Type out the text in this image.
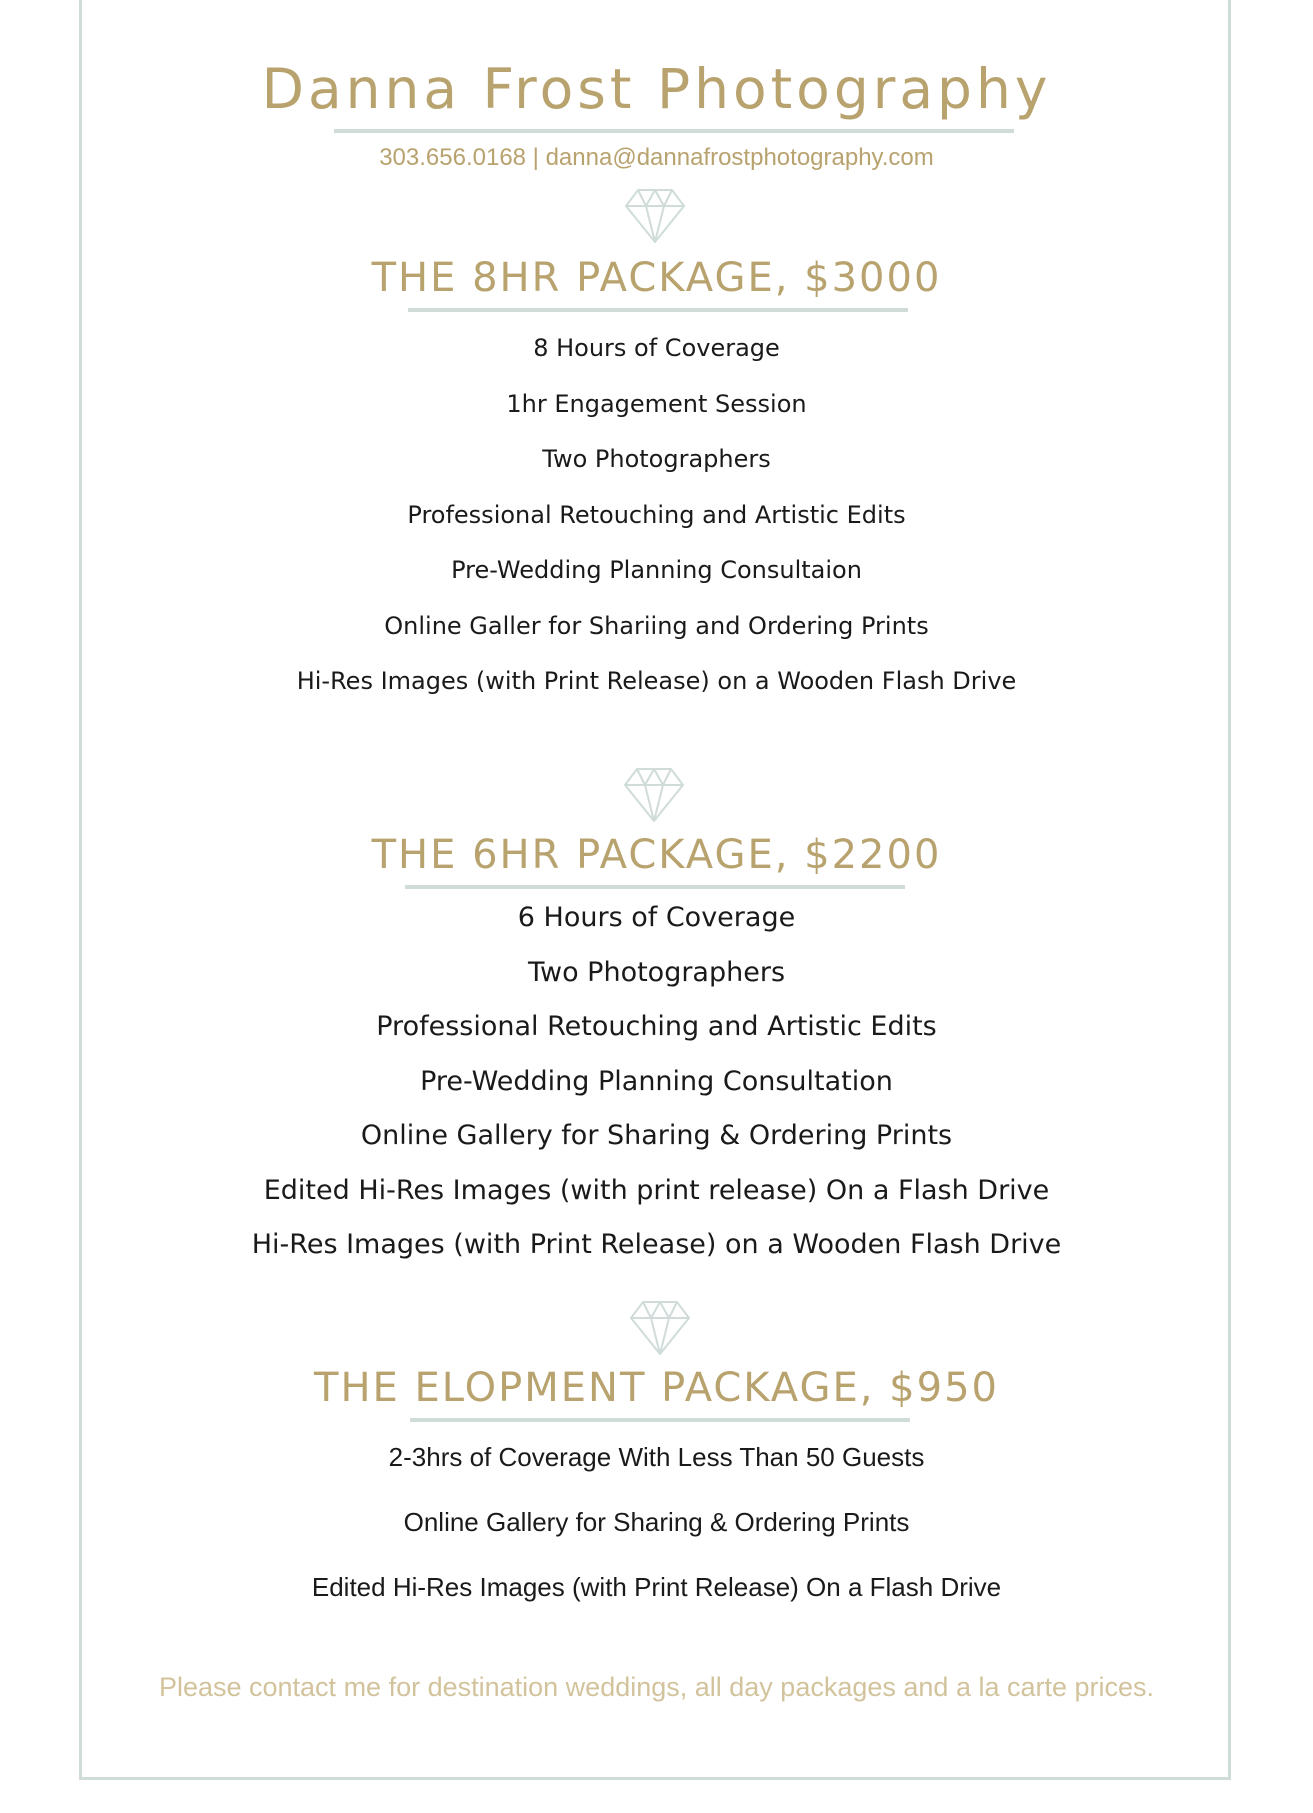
Danna Frost Photography
303.656.0168 | danna@dannafrostphotography.com
THE 8HR PACKAGE, $3000
8 Hours of Coverage
1hr Engagement Session
Two Photographers
Professional Retouching and Artistic Edits
Pre-Wedding Planning Consultaion
Online Galler for Shariing and Ordering Prints
Hi-Res Images (with Print Release) on a Wooden Flash Drive
THE 6HR PACKAGE, $2200
6 Hours of Coverage
Two Photographers
Professional Retouching and Artistic Edits
Pre-Wedding Planning Consultation
Online Gallery for Sharing & Ordering Prints
Edited Hi-Res Images (with print release) On a Flash Drive
Hi-Res Images (with Print Release) on a Wooden Flash Drive
THE ELOPMENT PACKAGE, $950
2-3hrs of Coverage With Less Than 50 Guests
Online Gallery for Sharing & Ordering Prints
Edited Hi-Res Images (with Print Release) On a Flash Drive
Please contact me for destination weddings, all day packages and a la carte prices.
